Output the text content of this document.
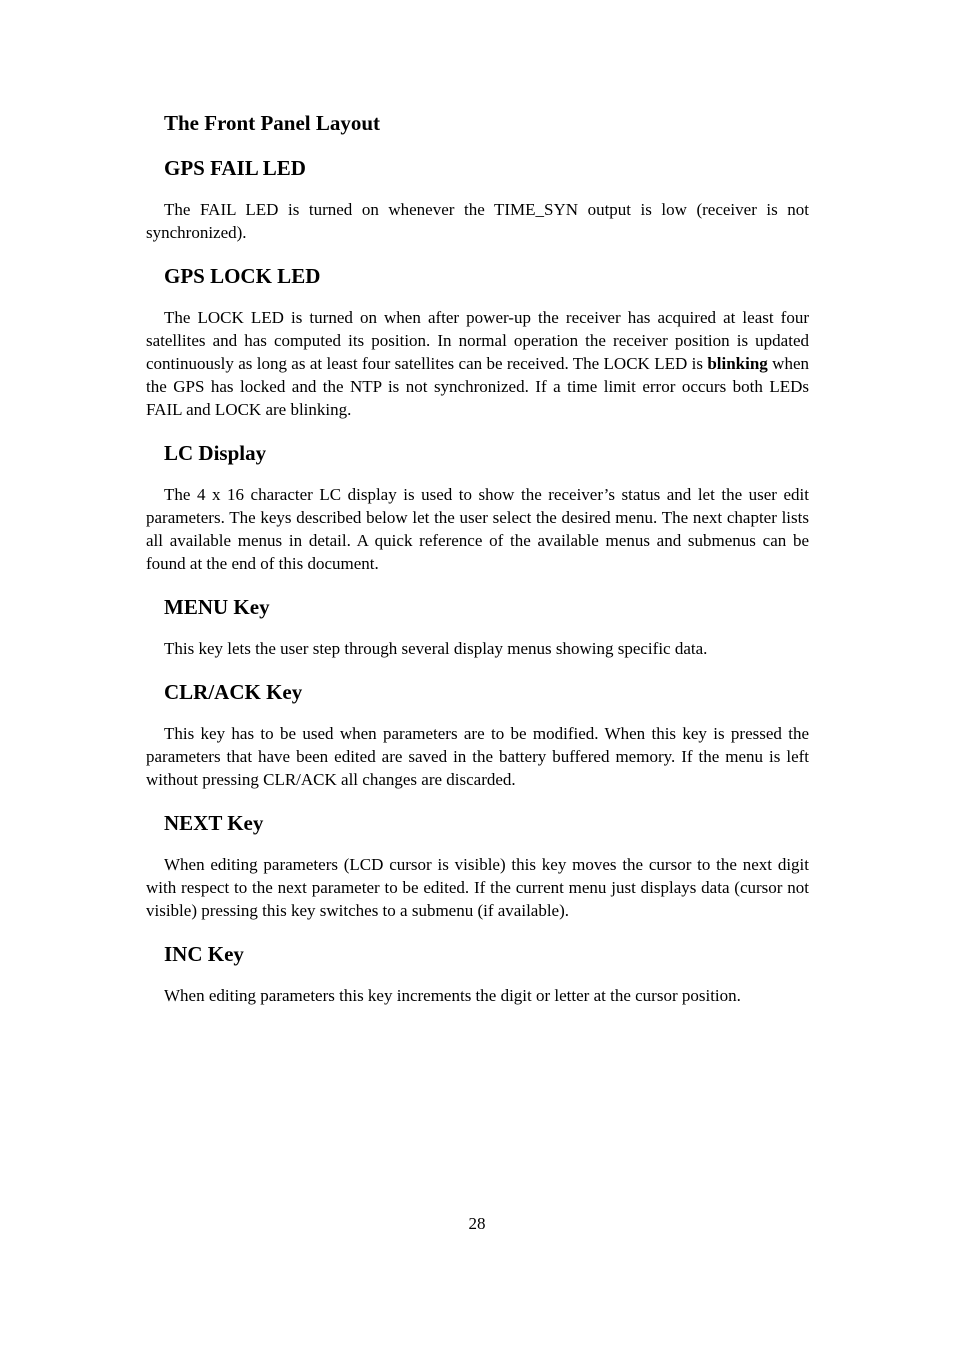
The Front Panel Layout
GPS FAIL LED

The FAIL LED is turned on whenever the TIME_SYN output is low (receiver is not synchronized).

GPS LOCK LED

The LOCK LED is turned on when after power-up the receiver has acquired at least four satellites and has computed its position. In normal operation the receiver position is updated continuously as long as at least four satellites can be received. The LOCK LED is blinking when the GPS has locked and the NTP is not synchronized. If a time limit error occurs both LEDs FAIL and LOCK are blinking.

LC Display

The 4 x 16 character LC display is used to show the receiver’s status and let the user edit parameters. The keys described below let the user select the desired menu. The next chapter lists all available menus in detail. A quick reference of the available menus and submenus can be found at the end of this document.

MENU Key

This key lets the user step through several display menus showing specific data.

CLR/ACK Key

This key has to be used when parameters are to be modified. When this key is pressed the parameters that have been edited are saved in the battery buffered memory. If the menu is left without pressing CLR/ACK all changes are discarded.

NEXT Key

When editing parameters (LCD cursor is visible) this key moves the cursor to the next digit with respect to the next parameter to be edited. If the current menu just displays data (cursor not visible) pressing this key switches to a submenu (if available).

INC Key

When editing parameters this key increments the digit or letter at the cursor position.

28
